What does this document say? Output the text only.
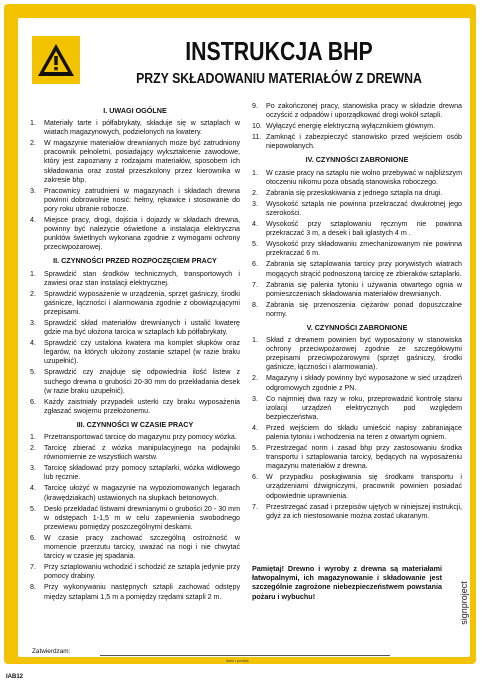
INSTRUKCJA BHP
PRZY SKŁADOWANIU MATERIAŁÓW Z DREWNA
I. UWAGI OGÓLNE
1.	Materiały tarte i półfabrykaty, składuje się w sztaplach w wiatach magazynowych, podzielonych na kwatery.
2.	W magazynie materiałów drewnianych może być zatrudniony pracownik pełnoletni, posiadający wykształcenie zawodowe, który jest zapoznany z rodzajami materiałów, sposobem ich składowania oraz został przeszkolony przez kierownika w zakresie bhp.
3.	Pracownicy zatrudnieni w magazynach i składach drewna powinni dobrowolnie nosić: hełmy, rękawice i stosowanie do pory roku ubranie robocze.
4.	Miejsce pracy, drogi, dojścia i dojazdy w składach drewna, powinny być należycie oświetlone a instalacja elektryczna punktów świetlnych wykonana zgodnie z wymogami ochrony przeciwpożarowej.
II. CZYNNOŚCI PRZED ROZPOCZĘCIEM PRACY
1.	Sprawdzić stan środków technicznych, transportowych i zawiesi oraz stan instalacji elektrycznej.
2.	Sprawdzić wyposażenie w urządzenia, sprzęt gaśniczy, środki gaśnicze, łączności i alarmowania zgodnie z obowiązującymi przepisami.
3.	Sprawdzić skład materiałów drewnianych i ustalić kwaterę gdzie ma być ułożona tarcica w sztaplach lub półfabrykaty.
4.	Sprawdzić czy ustalona kwatera ma komplet słupków oraz legarów, na których ułożony zostanie sztapel (w razie braku uzupełnić).
5.	Sprawdzić czy znajduje się odpowiednia ilość listew z suchego drewna o grubości 20-30 mm do przekładania desek (w razie braku uzupełnić).
6.	Każdy zaistniały przypadek usterki czy braku wyposażenia zgłaszać swojemu przełożonemu.
III. CZYNNOŚCI W CZASIE PRACY
1.	Przetransportować tarcicę do magazynu przy pomocy wózka.
2.	Tarcicę zbierać z wózka manipulacyjnego na podajniki równomiernie ze wszystkich warstw.
3.	Tarcicę składować przy pomocy sztaplarki, wózka widłowego lub ręcznie.
4.	Tarcicę ułożyć w magazynie na wypoziomowanych legarach (krawędziakach) ustawionych na słupkach betonowych.
5.	Deski przekładać listwami drewnianymi o grubości 20 - 30 mm w odstępach 1-1,5 m w celu zapewnienia swobodnego przewiewu pomiędzy poszczególnymi deskami.
6.	W czasie pracy zachować szczególną ostrożność w momencie przerzutu tarcicy, uważać na nogi i nie chwytać tarcicy w czasie jej spadania.
7.	Przy sztaplowaniu wchodzić i schodzić ze sztapla jedynie przy pomocy drabiny.
8.	Przy wykonywaniu następnych sztapli zachować odstępy między sztaplami 1,5 m a pomiędzy rzędami sztapli 2 m.
9.	Po zakończonej pracy, stanowiska pracy w składzie drewna oczyścić z odpadów i uporządkować drogi wokół sztapli.
10. Wyłączyć energię elektryczną wyłącznikiem głównym.
11. Zamknąć i zabezpieczyć stanowisko przed wejściem osób niepowołanych.
IV. CZYNNOŚCI ZABRONIONE
1.	W czasie pracy na sztaplu nie wolno przebywać w najbliższym otoczeniu nikomu poza obsadą stanowiska roboczego.
2.	Zabrania się przeskakiwania z jednego sztapla na drugi.
3.	Wysokość sztapla nie powinna przekraczać dwukrotnej jego szerokości.
4.	Wysokość przy sztaplowaniu ręcznym nie powinna przekraczać 3 m, a desek i bali iglastych 4 m .
5.	Wysokość przy składowaniu zmechanizowanym nie powinna przekraczać 6 m.
6.	Zabrania się sztaplowania tarcicy przy porywistych wiatrach mogących strącić podnoszoną tarcicę ze zbieraków sztaplarki.
7.	Zabrania się palenia tytoniu i używania otwartego ognia w pomieszczeniach składowania materiałów drewnianych.
8.	Zabrania się przenoszenia ciężarów ponad dopuszczalne normy.
V. CZYNNOŚCI ZABRONIONE
1.	Skład z drewnem powinien być wyposażony w stanowiska ochrony przeciwpożarowej zgodnie ze szczegółowymi przepisami przeciwpożarowymi (sprzęt gaśniczy, środki gaśnicze, łączności i alarmowania).
2.	Magazyny i składy powinny być wyposażone w sieć urządzeń odgromowych zgodnie z PN.
3.	Co najmniej dwa razy w roku, przeprowadzić kontrolę stanu izolacji urządzeń elektrycznych pod względem bezpieczeństwa.
4.	Przed wejściem do składu umieścić napisy zabraniające palenia tytoniu i wchodzenia na teren z otwartym ogniem.
5.	Przestrzegać norm i zasad bhp przy zastosowaniu środka transportu i sztaplowania tarcicy, będących na wyposażeniu magazynu materiałów z drewna.
6.	W przypadku posługiwania się środkami transportu i urządzeniami dźwigniczymi, pracownik powinien posiadać odpowiednie uprawnienia.
7.	Przestrzegać zasad i przepisów ujętych w niniejszej instrukcji, gdyż za ich niestosowanie można zostać ukaranym.
Pamiętaj! Drewno i wyroby z drewna są materiałami łatwopalnymi, ich magazynowanie i składowanie jest szczególnie zagrożone niebezpieczeństwem powstania pożaru i wybuchu!	signproject
Zatwierdzam:
data i podpis
IAB12
